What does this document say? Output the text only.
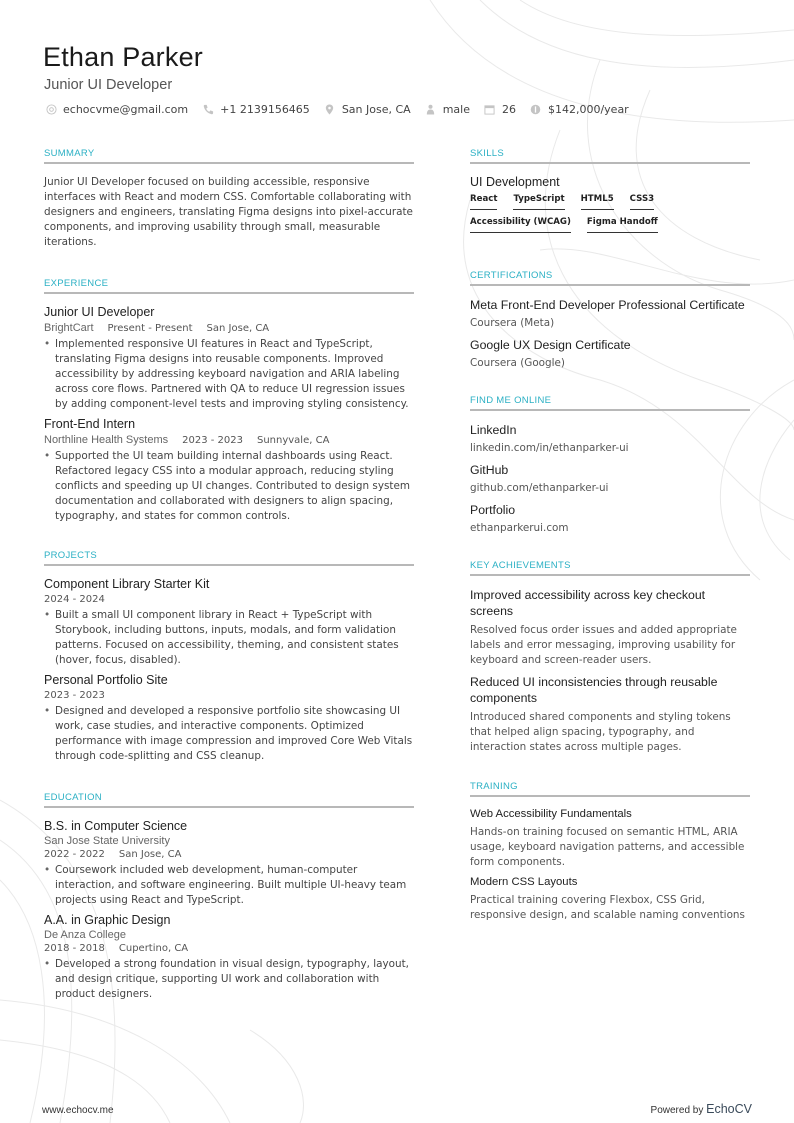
Ethan Parker
Junior UI Developer
echocvme@gmail.com	+1 2139156465	San Jose, CA	male	26	$142,000/year
SUMMARY
Junior UI Developer focused on building accessible, responsive interfaces with React and modern CSS. Comfortable collaborating with designers and engineers, translating Figma designs into pixel-accurate components, and improving usability through small, measurable iterations.
EXPERIENCE
Junior UI Developer
BrightCart Present - Present San Jose, CA
• Implemented responsive UI features in React and TypeScript, translating Figma designs into reusable components. Improved accessibility by addressing keyboard navigation and ARIA labeling across core flows. Partnered with QA to reduce UI regression issues by adding component-level tests and improving styling consistency.
Front-End Intern
Northline Health Systems 2023 - 2023 Sunnyvale, CA
• Supported the UI team building internal dashboards using React. Refactored legacy CSS into a modular approach, reducing styling conflicts and speeding up UI changes. Contributed to design system documentation and collaborated with designers to align spacing, typography, and states for common controls.
PROJECTS
Component Library Starter Kit
2024 - 2024
• Built a small UI component library in React + TypeScript with Storybook, including buttons, inputs, modals, and form validation patterns. Focused on accessibility, theming, and consistent states (hover, focus, disabled).
Personal Portfolio Site
2023 - 2023
• Designed and developed a responsive portfolio site showcasing UI work, case studies, and interactive components. Optimized performance with image compression and improved Core Web Vitals through code-splitting and CSS cleanup.
EDUCATION
B.S. in Computer Science
San Jose State University
2022 - 2022 San Jose, CA
• Coursework included web development, human-computer interaction, and software engineering. Built multiple UI-heavy team projects using React and TypeScript.
A.A. in Graphic Design
De Anza College
2018 - 2018 Cupertino, CA
• Developed a strong foundation in visual design, typography, layout, and design critique, supporting UI work and collaboration with product designers.
SKILLS
UI Development
React TypeScript HTML5 CSS3
Accessibility (WCAG) Figma Handoff
CERTIFICATIONS
Meta Front-End Developer Professional Certificate
Coursera (Meta)
Google UX Design Certificate
Coursera (Google)
FIND ME ONLINE
LinkedIn
linkedin.com/in/ethanparker-ui
GitHub
github.com/ethanparker-ui
Portfolio
ethanparkerui.com
KEY ACHIEVEMENTS
Improved accessibility across key checkout screens
Resolved focus order issues and added appropriate labels and error messaging, improving usability for keyboard and screen-reader users.
Reduced UI inconsistencies through reusable components
Introduced shared components and styling tokens that helped align spacing, typography, and interaction states across multiple pages.
TRAINING
Web Accessibility Fundamentals
Hands-on training focused on semantic HTML, ARIA usage, keyboard navigation patterns, and accessible form components.
Modern CSS Layouts
Practical training covering Flexbox, CSS Grid, responsive design, and scalable naming conventions
www.echocv.me	Powered by EchoCV
